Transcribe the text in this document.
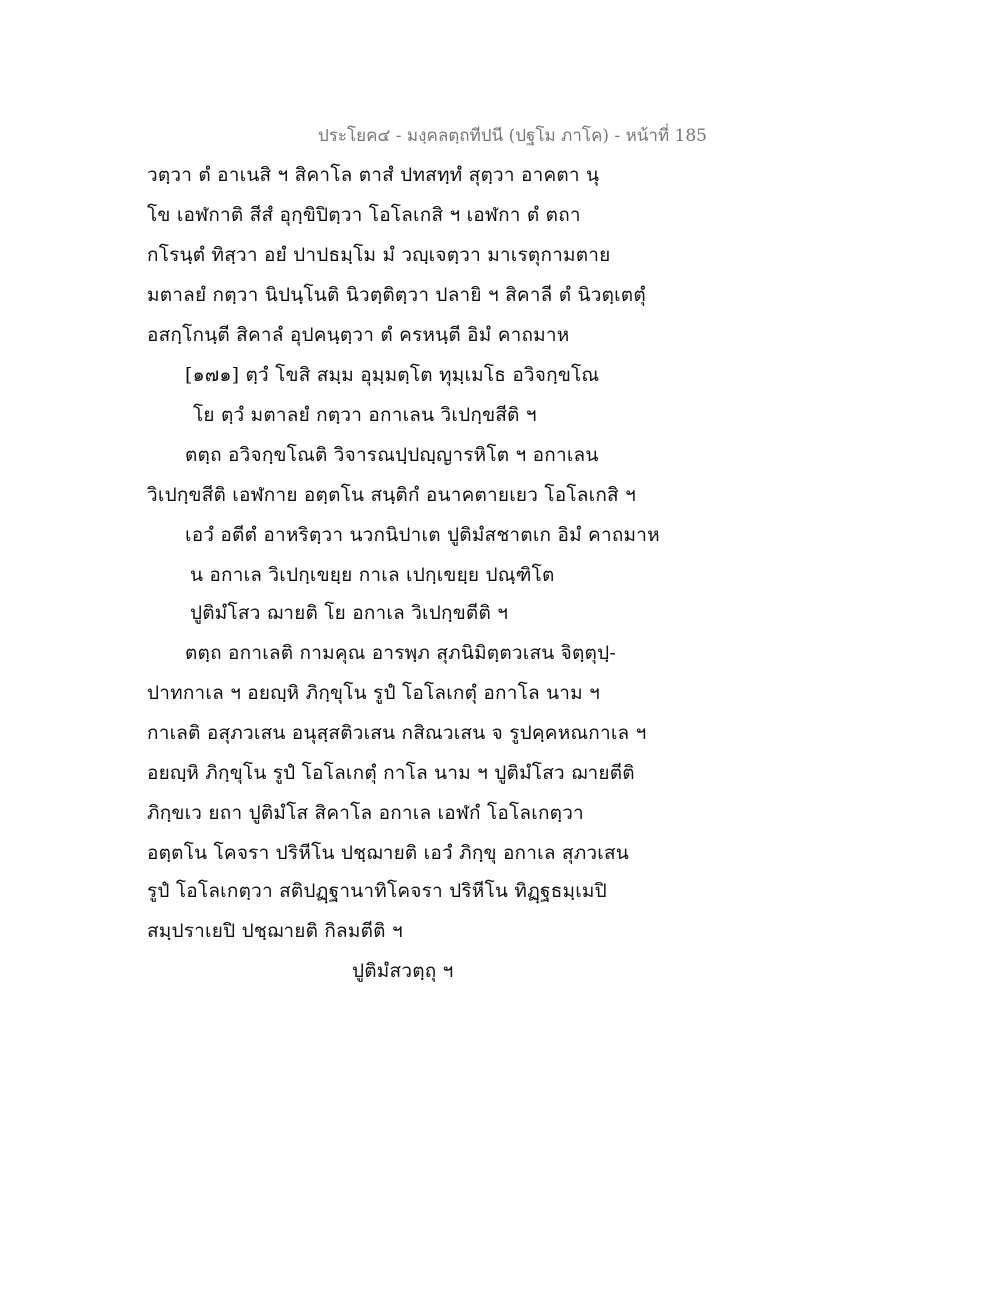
ประโยค๔ - มงฺคลตฺถทีปนี (ปฐโม ภาโค) - หน้าที่ 185
วตฺวา ตํ อาเนสิ ฯ สิคาโล ตาสํ ปทสทฺทํ สุตฺวา อาคตา นุ
โข เอฬกาติ สีสํ อุกฺขิปิตฺวา โอโลเกสิ ฯ เอฬกา ตํ ตถา
กโรนฺตํ ทิสฺวา อยํ ปาปธมฺโม มํ วญฺเจตฺวา มาเรตุกามตาย
มตาลยํ กตฺวา นิปนฺโนติ นิวตฺติตฺวา ปลายิ ฯ สิคาลี ตํ นิวตฺเตตุํ
อสกฺโกนฺตี สิคาลํ อุปคนฺตฺวา ตํ ครหนฺตี อิมํ คาถมาห
[๑๗๑] ตฺวํ โขสิ สมฺม อุมฺมตฺโต ทุมฺเมโธ อวิจกฺขโณ
โย ตฺวํ มตาลยํ กตฺวา อกาเลน วิเปกฺขสีติ ฯ
ตตฺถ อวิจกฺขโณติ วิจารณปฺปญฺญารหิโต ฯ อกาเลน
วิเปกฺขสีติ เอฬกาย อตฺตโน สนฺติกํ อนาคตายเยว โอโลเกสิ ฯ
เอวํ อตีตํ อาหริตฺวา นวกนิปาเต ปูติมํสชาตเก อิมํ คาถมาห
น อกาเล วิเปกฺเขยฺย กาเล เปกฺเขยฺย ปณฺฑิโต
ปูติมํโสว ฌายติ โย อกาเล วิเปกฺขตีติ ฯ
ตตฺถ อกาเลติ กามคุณ อารพฺภ สุภนิมิตฺตวเสน จิตฺตุปฺ-
ปาทกาเล ฯ อยญฺหิ ภิกฺขุโน รูปํ โอโลเกตุํ อกาโล นาม ฯ
กาเลติ อสุภวเสน อนุสฺสติวเสน กสิณวเสน จ รูปคฺคหณกาเล ฯ
อยญฺหิ ภิกฺขุโน รูปํ โอโลเกตุํ กาโล นาม ฯ ปูติมํโสว ฌายตีติ
ภิกฺขเว ยถา ปูติมํโส สิคาโล อกาเล เอฬกํ โอโลเกตฺวา
อตฺตโน โคจรา ปริหีโน ปชฺฌายติ เอวํ ภิกฺขุ อกาเล สุภวเสน
รูปํ โอโลเกตฺวา สติปฏฺฐานาทิโคจรา ปริหีโน ทิฏฺฐธมฺเมปิ
สมฺปราเยปิ ปชฺฌายติ กิลมตีติ ฯ
ปูติมํสวตฺถุ ฯ
